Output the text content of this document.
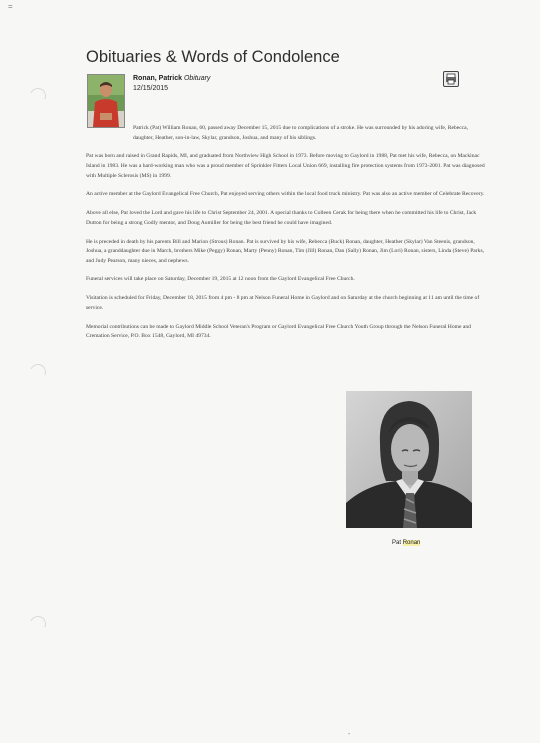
=
-
Obituaries & Words of Condolence
Ronan, Patrick Obituary
12/15/2015

Patrick (Pat) William Ronan, 60, passed away December 15, 2015 due to complications of a stroke. He was surrounded by his adoring wife, Rebecca, daughter, Heather, son-in-law, Skylar, grandson, Joshua, and many of his siblings.

Pat was born and raised in Grand Rapids, MI, and graduated from Northview High School in 1973. Before moving to Gaylord in 1988, Pat met his wife, Rebecca, on Mackinac Island in 1983. He was a hard-working man who was a proud member of Sprinkler Fitters Local Union 669, installing fire protection systems from 1973-2001. Pat was diagnosed with Multiple Sclerosis (MS) in 1999.

An active member at the Gaylord Evangelical Free Church, Pat enjoyed serving others within the local food truck ministry. Pat was also an active member of Celebrate Recovery.

Above all else, Pat loved the Lord and gave his life to Christ September 24, 2001. A special thanks to Colleen Cerak for being there when he committed his life to Christ, Jack Dutton for being a strong Godly mentor, and Doug Aumiller for being the best friend he could have imagined.

He is preceded in death by his parents Bill and Marion (Strous) Ronan. Pat is survived by his wife, Rebecca (Buck) Ronan, daughter, Heather (Skylar) Van Steenis, grandson, Joshua, a granddaughter due in March, brothers Mike (Peggy) Ronan, Marty (Penny) Ronan, Tim (Jill) Ronan, Dan (Sally) Ronan, Jim (Lori) Ronan, sisters, Linda (Steve) Parks, and Judy Pearson, many nieces, and nephews.

Funeral services will take place on Saturday, December 19, 2015 at 12 noon from the Gaylord Evangelical Free Church.

Visitation is scheduled for Friday, December 18, 2015 from 4 pm - 8 pm at Nelson Funeral Home in Gaylord and on Saturday at the church beginning at 11 am until the time of service.

Memorial contributions can be made to Gaylord Middle School Veteran's Program or Gaylord Evangelical Free Church Youth Group through the Nelson Funeral Home and Cremation Service, P.O. Box 1548, Gaylord, MI 49734.

Pat Ronan
